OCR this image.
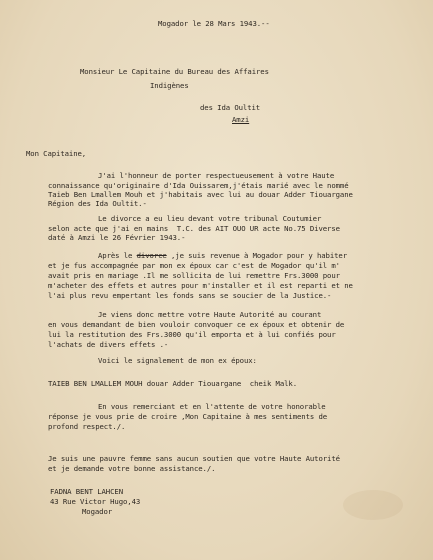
Mogador le 28 Mars 1943.--
Monsieur Le Capitaine du Bureau des Affaires
Indigènes
des Ida Oultit
Amzi
Mon Capitaine,
J'ai l'honneur de porter respectueusement à votre Haute
connaissance qu'originaire d'Ida Ouissarem,j'étais marié avec le nommé
Taieb Ben Lmallem Mouh et j'habitais avec lui au douar Adder Tiouargane
Région des Ida Oultit.-
Le divorce a eu lieu devant votre tribunal Coutumier
selon acte que j'ai en mains  T.C. des AIT OUO UR acte No.75 Diverse
daté à Amzi le 26 Février 1943.-
Après le divorce ,je suis revenue à Mogador pour y habiter
et je fus accompagnée par mon ex époux car c'est de Mogador qu'il m'
avait pris en mariage .Il me sollicita de lui remettre Frs.3000 pour
m'acheter des effets et autres pour m'installer et il est reparti et ne
l'ai plus revu empertant les fonds sans se soucier de la Justice.-
Je viens donc mettre votre Haute Autorité au courant
en vous demandant de bien vouloir convoquer ce ex époux et obtenir de
lui la restitution des Frs.3000 qu'il emporta et à lui confiés pour
l'achats de divers effets .-
Voici le signalement de mon ex époux:
TAIEB BEN LMALLEM MOUH douar Adder Tiouargane  cheik Malk.
En vous remerciant et en l'attente de votre honorable
réponse je vous prie de croire ,Mon Capitaine à mes sentiments de
profond respect./.
Je suis une pauvre femme sans aucun soutien que votre Haute Autorité
et je demande votre bonne assistance./.
FADNA BENT LAHCEN
43 Rue Victor Hugo,43
Mogador
